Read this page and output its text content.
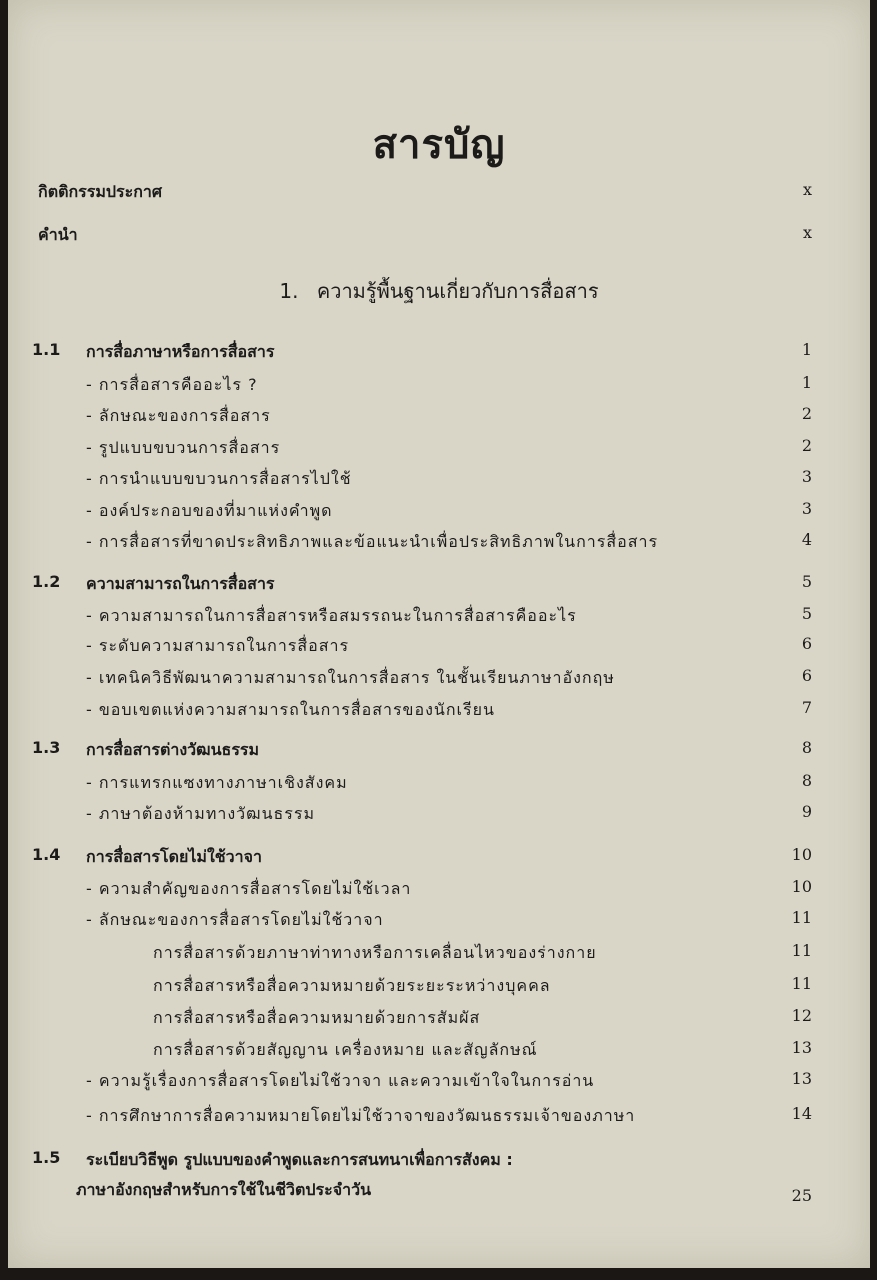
สารบัญ
กิตติกรรมประกาศ	x
คำนำ	x
1. ความรู้พื้นฐานเกี่ยวกับการสื่อสาร
1.1 การสื่อภาษาหรือการสื่อสาร	1
- การสื่อสารคืออะไร ?	1
- ลักษณะของการสื่อสาร	2
- รูปแบบขบวนการสื่อสาร	2
- การนำแบบขบวนการสื่อสารไปใช้	3
- องค์ประกอบของที่มาแห่งคำพูด	3
- การสื่อสารที่ขาดประสิทธิภาพและข้อแนะนำเพื่อประสิทธิภาพในการสื่อสาร	4
1.2 ความสามารถในการสื่อสาร	5
- ความสามารถในการสื่อสารหรือสมรรถนะในการสื่อสารคืออะไร	5
- ระดับความสามารถในการสื่อสาร	6
- เทคนิควิธีพัฒนาความสามารถในการสื่อสาร ในชั้นเรียนภาษาอังกฤษ	6
- ขอบเขตแห่งความสามารถในการสื่อสารของนักเรียน	7
1.3 การสื่อสารต่างวัฒนธรรม	8
- การแทรกแซงทางภาษาเชิงสังคม	8
- ภาษาต้องห้ามทางวัฒนธรรม	9
1.4 การสื่อสารโดยไม่ใช้วาจา	10
- ความสำคัญของการสื่อสารโดยไม่ใช้เวลา	10
- ลักษณะของการสื่อสารโดยไม่ใช้วาจา	11
การสื่อสารด้วยภาษาท่าทางหรือการเคลื่อนไหวของร่างกาย	11
การสื่อสารหรือสื่อความหมายด้วยระยะระหว่างบุคคล	11
การสื่อสารหรือสื่อความหมายด้วยการสัมผัส	12
การสื่อสารด้วยสัญญาน เครื่องหมาย และสัญลักษณ์	13
- ความรู้เรื่องการสื่อสารโดยไม่ใช้วาจา และความเข้าใจในการอ่าน	13
- การศึกษาการสื่อความหมายโดยไม่ใช้วาจาของวัฒนธรรมเจ้าของภาษา	14
1.5 ระเบียบวิธีพูด รูปแบบของคำพูดและการสนทนาเพื่อการสังคม :
ภาษาอังกฤษสำหรับการใช้ในชีวิตประจำวัน	25
